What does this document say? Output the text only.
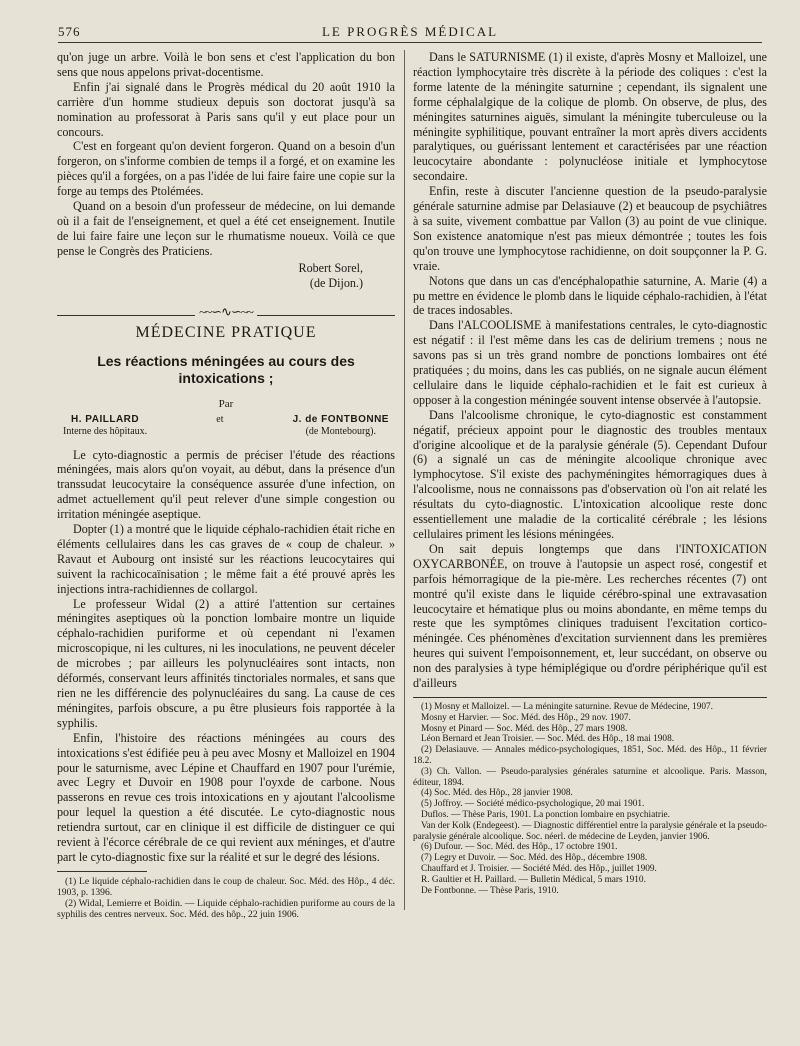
576	LE PROGRÈS MÉDICAL

qu'on juge un arbre. Voilà le bon sens et c'est l'application du bon sens que nous appelons privat-docentisme.

Enfin j'ai signalé dans le Progrès médical du 20 août 1910 la carrière d'un homme studieux depuis son doctorat jusqu'à sa nomination au professorat à Paris sans qu'il y eut place pour un concours.

C'est en forgeant qu'on devient forgeron. Quand on a besoin d'un forgeron, on s'informe combien de temps il a forgé, et on examine les pièces qu'il a forgées, on a pas l'idée de lui faire faire une copie sur la forge au temps des Ptolémées.

Quand on a besoin d'un professeur de médecine, on lui demande où il a fait de l'enseignement, et quel a été cet enseignement. Inutile de lui faire faire une leçon sur le rhumatisme noueux. Voilà ce que pense le Congrès des Praticiens.

Robert Sorel,
(de Dijon.)
~~∽∿∽~~
MÉDECINE PRATIQUE
Les réactions méningées au cours des intoxications ;
Par
H. PAILLARD
Interne des hôpitaux.
et	J. de FONTBONNE
(de Montebourg).

Le cyto-diagnostic a permis de préciser l'étude des réactions méningées, mais alors qu'on voyait, au début, dans la présence d'un transsudat leucocytaire la conséquence assurée d'une infection, on admet actuellement qu'il peut relever d'une simple congestion ou irritation méningée aseptique.

Dopter (1) a montré que le liquide céphalo-rachidien était riche en éléments cellulaires dans les cas graves de « coup de chaleur. » Ravaut et Aubourg ont insisté sur les réactions leucocytaires qui suivent la rachicocaïnisation ; le même fait a été prouvé après les injections intra-rachidiennes de collargol.

Le professeur Widal (2) a attiré l'attention sur certaines méningites aseptiques où la ponction lombaire montre un liquide céphalo-rachidien puriforme et où cependant ni l'examen microscopique, ni les cultures, ni les inoculations, ne peuvent déceler de microbes ; par ailleurs les polynucléaires sont intacts, non déformés, conservant leurs affinités tinctoriales normales, et sans que rien ne les différencie des polynucléaires du sang. La cause de ces méningites, parfois obscure, a pu être plusieurs fois rapportée à la syphilis.

Enfin, l'histoire des réactions méningées au cours des intoxications s'est édifiée peu à peu avec Mosny et Malloizel en 1904 pour le saturnisme, avec Lépine et Chauffard en 1907 pour l'urémie, avec Legry et Duvoir en 1908 pour l'oyxde de carbone. Nous passerons en revue ces trois intoxications en y ajoutant l'alcoolisme pour lequel la question a été discutée. Le cyto-diagnostic nous retiendra surtout, car en clinique il est difficile de distinguer ce qui revient à l'écorce cérébrale de ce qui revient aux méninges, et d'autre part le cyto-diagnostic fixe sur la réalité et sur le degré des lésions.

(1) Le liquide céphalo-rachidien dans le coup de chaleur. Soc. Méd. des Hôp., 4 déc. 1903, p. 1396.

(2) Widal, Lemierre et Boidin. — Liquide céphalo-rachidien puriforme au cours de la syphilis des centres nerveux. Soc. Méd. des hôp., 22 juin 1906.

Dans le SATURNISME (1) il existe, d'après Mosny et Malloizel, une réaction lymphocytaire très discrète à la période des coliques : c'est la forme latente de la méningite saturnine ; cependant, ils signalent une forme céphalalgique de la colique de plomb. On observe, de plus, des méningites saturnines aiguës, simulant la méningite tuberculeuse ou la méningite syphilitique, pouvant entraîner la mort après divers accidents paralytiques, ou guérissant lentement et caractérisées par une réaction leucocytaire abondante : polynucléose initiale et lymphocytose secondaire.

Enfin, reste à discuter l'ancienne question de la pseudo-paralysie générale saturnine admise par Delasiauve (2) et beaucoup de psychiâtres à sa suite, vivement combattue par Vallon (3) au point de vue clinique. Son existence anatomique n'est pas mieux démontrée ; toutes les fois qu'on trouve une lymphocytose rachidienne, on doit soupçonner la P. G. vraie.

Notons que dans un cas d'encéphalopathie saturnine, A. Marie (4) a pu mettre en évidence le plomb dans le liquide céphalo-rachidien, à l'état de traces indosables.

Dans l'ALCOOLISME à manifestations centrales, le cyto-diagnostic est négatif : il l'est même dans les cas de delirium tremens ; nous ne savons pas si un très grand nombre de ponctions lombaires ont été pratiquées ; du moins, dans les cas publiés, on ne signale aucun élément cellulaire dans le liquide céphalo-rachidien et le fait est curieux à opposer à la congestion méningée souvent intense observée à l'autopsie.

Dans l'alcoolisme chronique, le cyto-diagnostic est constamment négatif, précieux appoint pour le diagnostic des troubles mentaux d'origine alcoolique et de la paralysie générale (5). Cependant Dufour (6) a signalé un cas de méningite alcoolique chronique avec lymphocytose. S'il existe des pachyméningites hémorragiques dues à l'alcoolisme, nous ne connaissons pas d'observation où l'on ait relaté les résultats du cyto-diagnostic. L'intoxication alcoolique reste donc essentiellement une maladie de la corticalité cérébrale ; les lésions cellulaires priment les lésions méningées.

On sait depuis longtemps que dans l'INTOXICATION OXYCARBONÉE, on trouve à l'autopsie un aspect rosé, congestif et parfois hémorragique de la pie-mère. Les recherches récentes (7) ont montré qu'il existe dans le liquide cérébro-spinal une extravasation leucocytaire et hématique plus ou moins abondante, en même temps du reste que les symptômes cliniques traduisent l'excitation cortico-méningée. Ces phénomènes d'excitation surviennent dans les premières heures qui suivent l'empoisonnement, et, leur succédant, on observe ou non des paralysies à type hémiplégique ou d'ordre périphérique qu'il est d'ailleurs

(1) Mosny et Malloizel. — La méningite saturnine. Revue de Médecine, 1907.
Mosny et Harvier. — Soc. Méd. des Hôp., 29 nov. 1907.
Mosny et Pinard — Soc. Méd. des Hôp., 27 mars 1908.
Léon Bernard et Jean Troisier. — Soc. Méd. des Hôp., 18 mai 1908.
(2) Delasiauve. — Annales médico-psychologiques, 1851, Soc. Méd. des Hôp., 11 février 18.2.
(3) Ch. Vallon. — Pseudo-paralysies générales saturnine et alcoolique. Paris. Masson, éditeur, 1894.
(4) Soc. Méd. des Hôp., 28 janvier 1908.
(5) Joffroy. — Société médico-psychologique, 20 mai 1901.
Duflos. — Thèse Paris, 1901. La ponction lombaire en psychiatrie.
Van der Kolk (Endegeest). — Diagnostic différentiel entre la paralysie générale et la pseudo-paralysie générale alcoolique. Soc. néerl. de médecine de Leyden, janvier 1906.
(6) Dufour. — Soc. Méd. des Hôp., 17 octobre 1901.
(7) Legry et Duvoir. — Soc. Méd. des Hôp., décembre 1908.
Chauffard et J. Troisier. — Société Méd. des Hôp., juillet 1909.
R. Gaultier et H. Paillard. — Bulletin Médical, 5 mars 1910.
De Fontbonne. — Thèse Paris, 1910.
